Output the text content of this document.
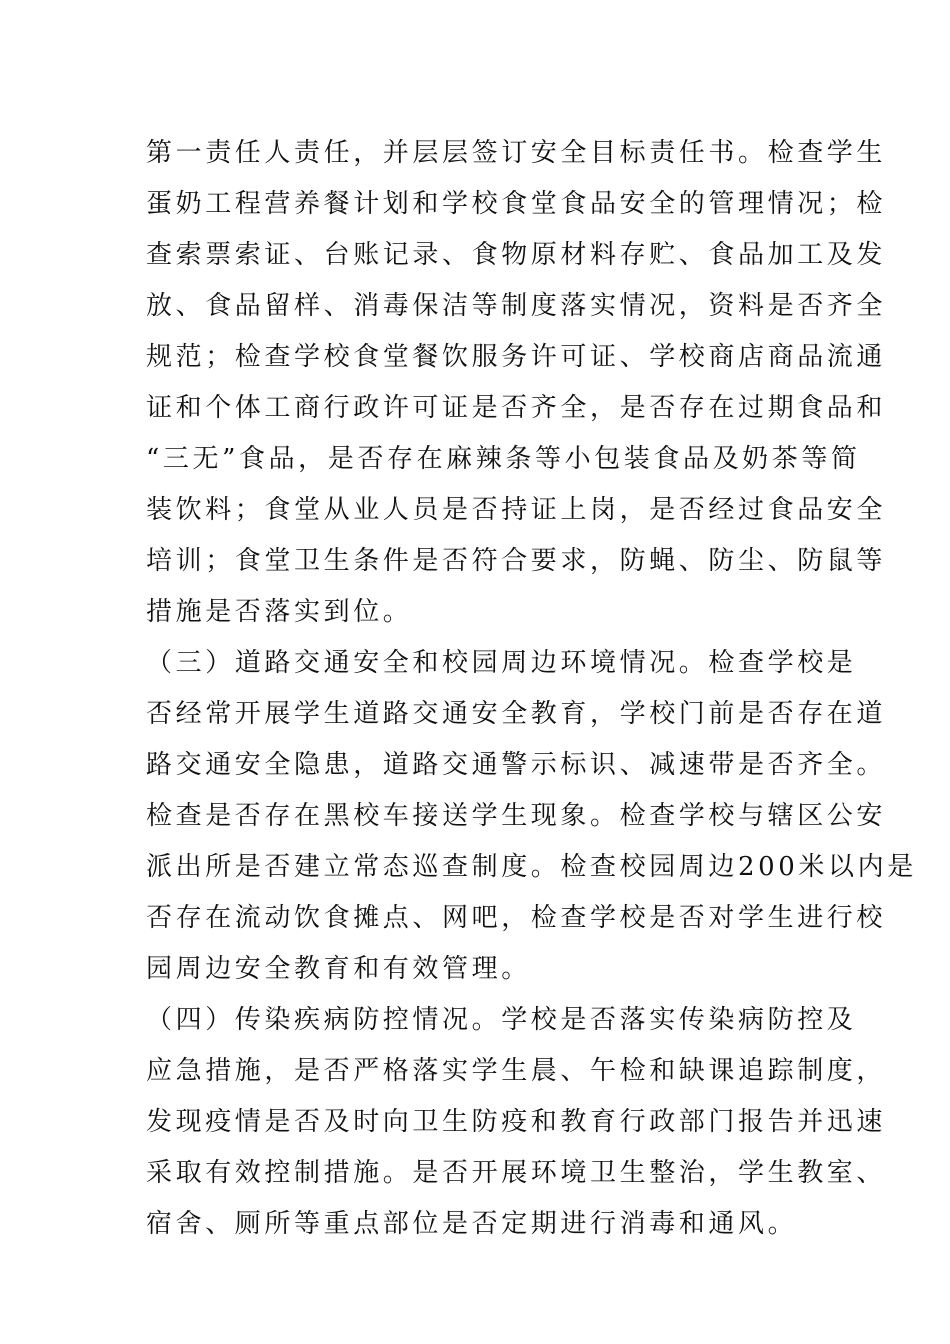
第一责任人责任，并层层签订安全目标责任书。检查学生
蛋奶工程营养餐计划和学校食堂食品安全的管理情况；检
查索票索证、台账记录、食物原材料存贮、食品加工及发
放、食品留样、消毒保洁等制度落实情况，资料是否齐全
规范；检查学校食堂餐饮服务许可证、学校商店商品流通
证和个体工商行政许可证是否齐全，是否存在过期食品和
“三无”食品，是否存在麻辣条等小包装食品及奶茶等简
装饮料；食堂从业人员是否持证上岗，是否经过食品安全
培训；食堂卫生条件是否符合要求，防蝇、防尘、防鼠等
措施是否落实到位。
（三）道路交通安全和校园周边环境情况。检查学校是
否经常开展学生道路交通安全教育，学校门前是否存在道
路交通安全隐患，道路交通警示标识、减速带是否齐全。
检查是否存在黑校车接送学生现象。检查学校与辖区公安
派出所是否建立常态巡查制度。检查校园周边200米以内是
否存在流动饮食摊点、网吧，检查学校是否对学生进行校
园周边安全教育和有效管理。
（四）传染疾病防控情况。学校是否落实传染病防控及
应急措施，是否严格落实学生晨、午检和缺课追踪制度，
发现疫情是否及时向卫生防疫和教育行政部门报告并迅速
采取有效控制措施。是否开展环境卫生整治，学生教室、
宿舍、厕所等重点部位是否定期进行消毒和通风。
